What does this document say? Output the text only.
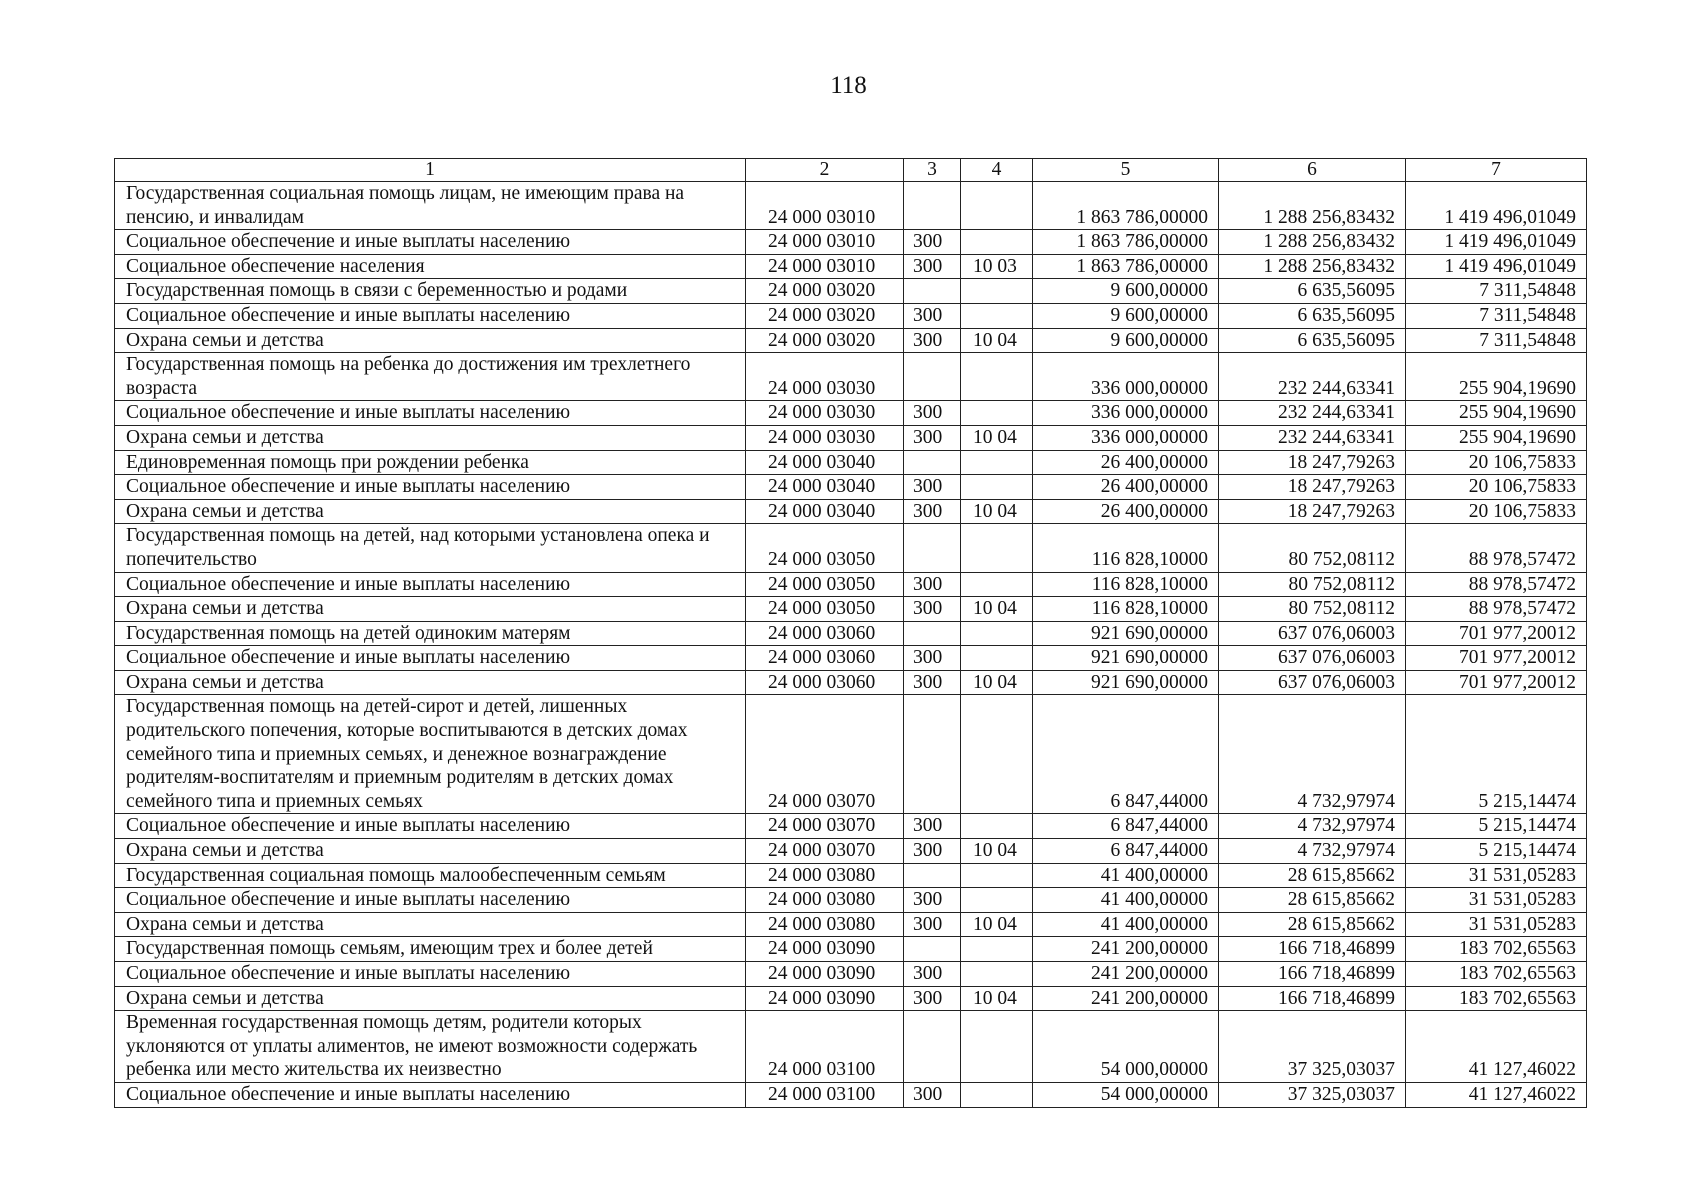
118
1	2	3	4	5	6	7
Государственная социальная помощь лицам, не имеющим права на пенсию, и инвалидам	24 000 03010			1 863 786,00000	1 288 256,83432	1 419 496,01049
Социальное обеспечение и иные выплаты населению	24 000 03010	300		1 863 786,00000	1 288 256,83432	1 419 496,01049
Социальное обеспечение населения	24 000 03010	300	10 03	1 863 786,00000	1 288 256,83432	1 419 496,01049
Государственная помощь в связи с беременностью и родами	24 000 03020			9 600,00000	6 635,56095	7 311,54848
Социальное обеспечение и иные выплаты населению	24 000 03020	300		9 600,00000	6 635,56095	7 311,54848
Охрана семьи и детства	24 000 03020	300	10 04	9 600,00000	6 635,56095	7 311,54848
Государственная помощь на ребенка до достижения им трехлетнего возраста	24 000 03030			336 000,00000	232 244,63341	255 904,19690
Социальное обеспечение и иные выплаты населению	24 000 03030	300		336 000,00000	232 244,63341	255 904,19690
Охрана семьи и детства	24 000 03030	300	10 04	336 000,00000	232 244,63341	255 904,19690
Единовременная помощь при рождении ребенка	24 000 03040			26 400,00000	18 247,79263	20 106,75833
Социальное обеспечение и иные выплаты населению	24 000 03040	300		26 400,00000	18 247,79263	20 106,75833
Охрана семьи и детства	24 000 03040	300	10 04	26 400,00000	18 247,79263	20 106,75833
Государственная помощь на детей, над которыми установлена опека и попечительство	24 000 03050			116 828,10000	80 752,08112	88 978,57472
Социальное обеспечение и иные выплаты населению	24 000 03050	300		116 828,10000	80 752,08112	88 978,57472
Охрана семьи и детства	24 000 03050	300	10 04	116 828,10000	80 752,08112	88 978,57472
Государственная помощь на детей одиноким матерям	24 000 03060			921 690,00000	637 076,06003	701 977,20012
Социальное обеспечение и иные выплаты населению	24 000 03060	300		921 690,00000	637 076,06003	701 977,20012
Охрана семьи и детства	24 000 03060	300	10 04	921 690,00000	637 076,06003	701 977,20012
Государственная помощь на детей-сирот и детей, лишенных родительского попечения, которые воспитываются в детских домах семейного типа и приемных семьях, и денежное вознаграждение родителям-воспитателям и приемным родителям в детских домах семейного типа и приемных семьях	24 000 03070			6 847,44000	4 732,97974	5 215,14474
Социальное обеспечение и иные выплаты населению	24 000 03070	300		6 847,44000	4 732,97974	5 215,14474
Охрана семьи и детства	24 000 03070	300	10 04	6 847,44000	4 732,97974	5 215,14474
Государственная социальная помощь малообеспеченным семьям	24 000 03080			41 400,00000	28 615,85662	31 531,05283
Социальное обеспечение и иные выплаты населению	24 000 03080	300		41 400,00000	28 615,85662	31 531,05283
Охрана семьи и детства	24 000 03080	300	10 04	41 400,00000	28 615,85662	31 531,05283
Государственная помощь семьям, имеющим трех и более детей	24 000 03090			241 200,00000	166 718,46899	183 702,65563
Социальное обеспечение и иные выплаты населению	24 000 03090	300		241 200,00000	166 718,46899	183 702,65563
Охрана семьи и детства	24 000 03090	300	10 04	241 200,00000	166 718,46899	183 702,65563
Временная государственная помощь детям, родители которых уклоняются от уплаты алиментов, не имеют возможности содержать ребенка или место жительства их неизвестно	24 000 03100			54 000,00000	37 325,03037	41 127,46022
Социальное обеспечение и иные выплаты населению	24 000 03100	300		54 000,00000	37 325,03037	41 127,46022
